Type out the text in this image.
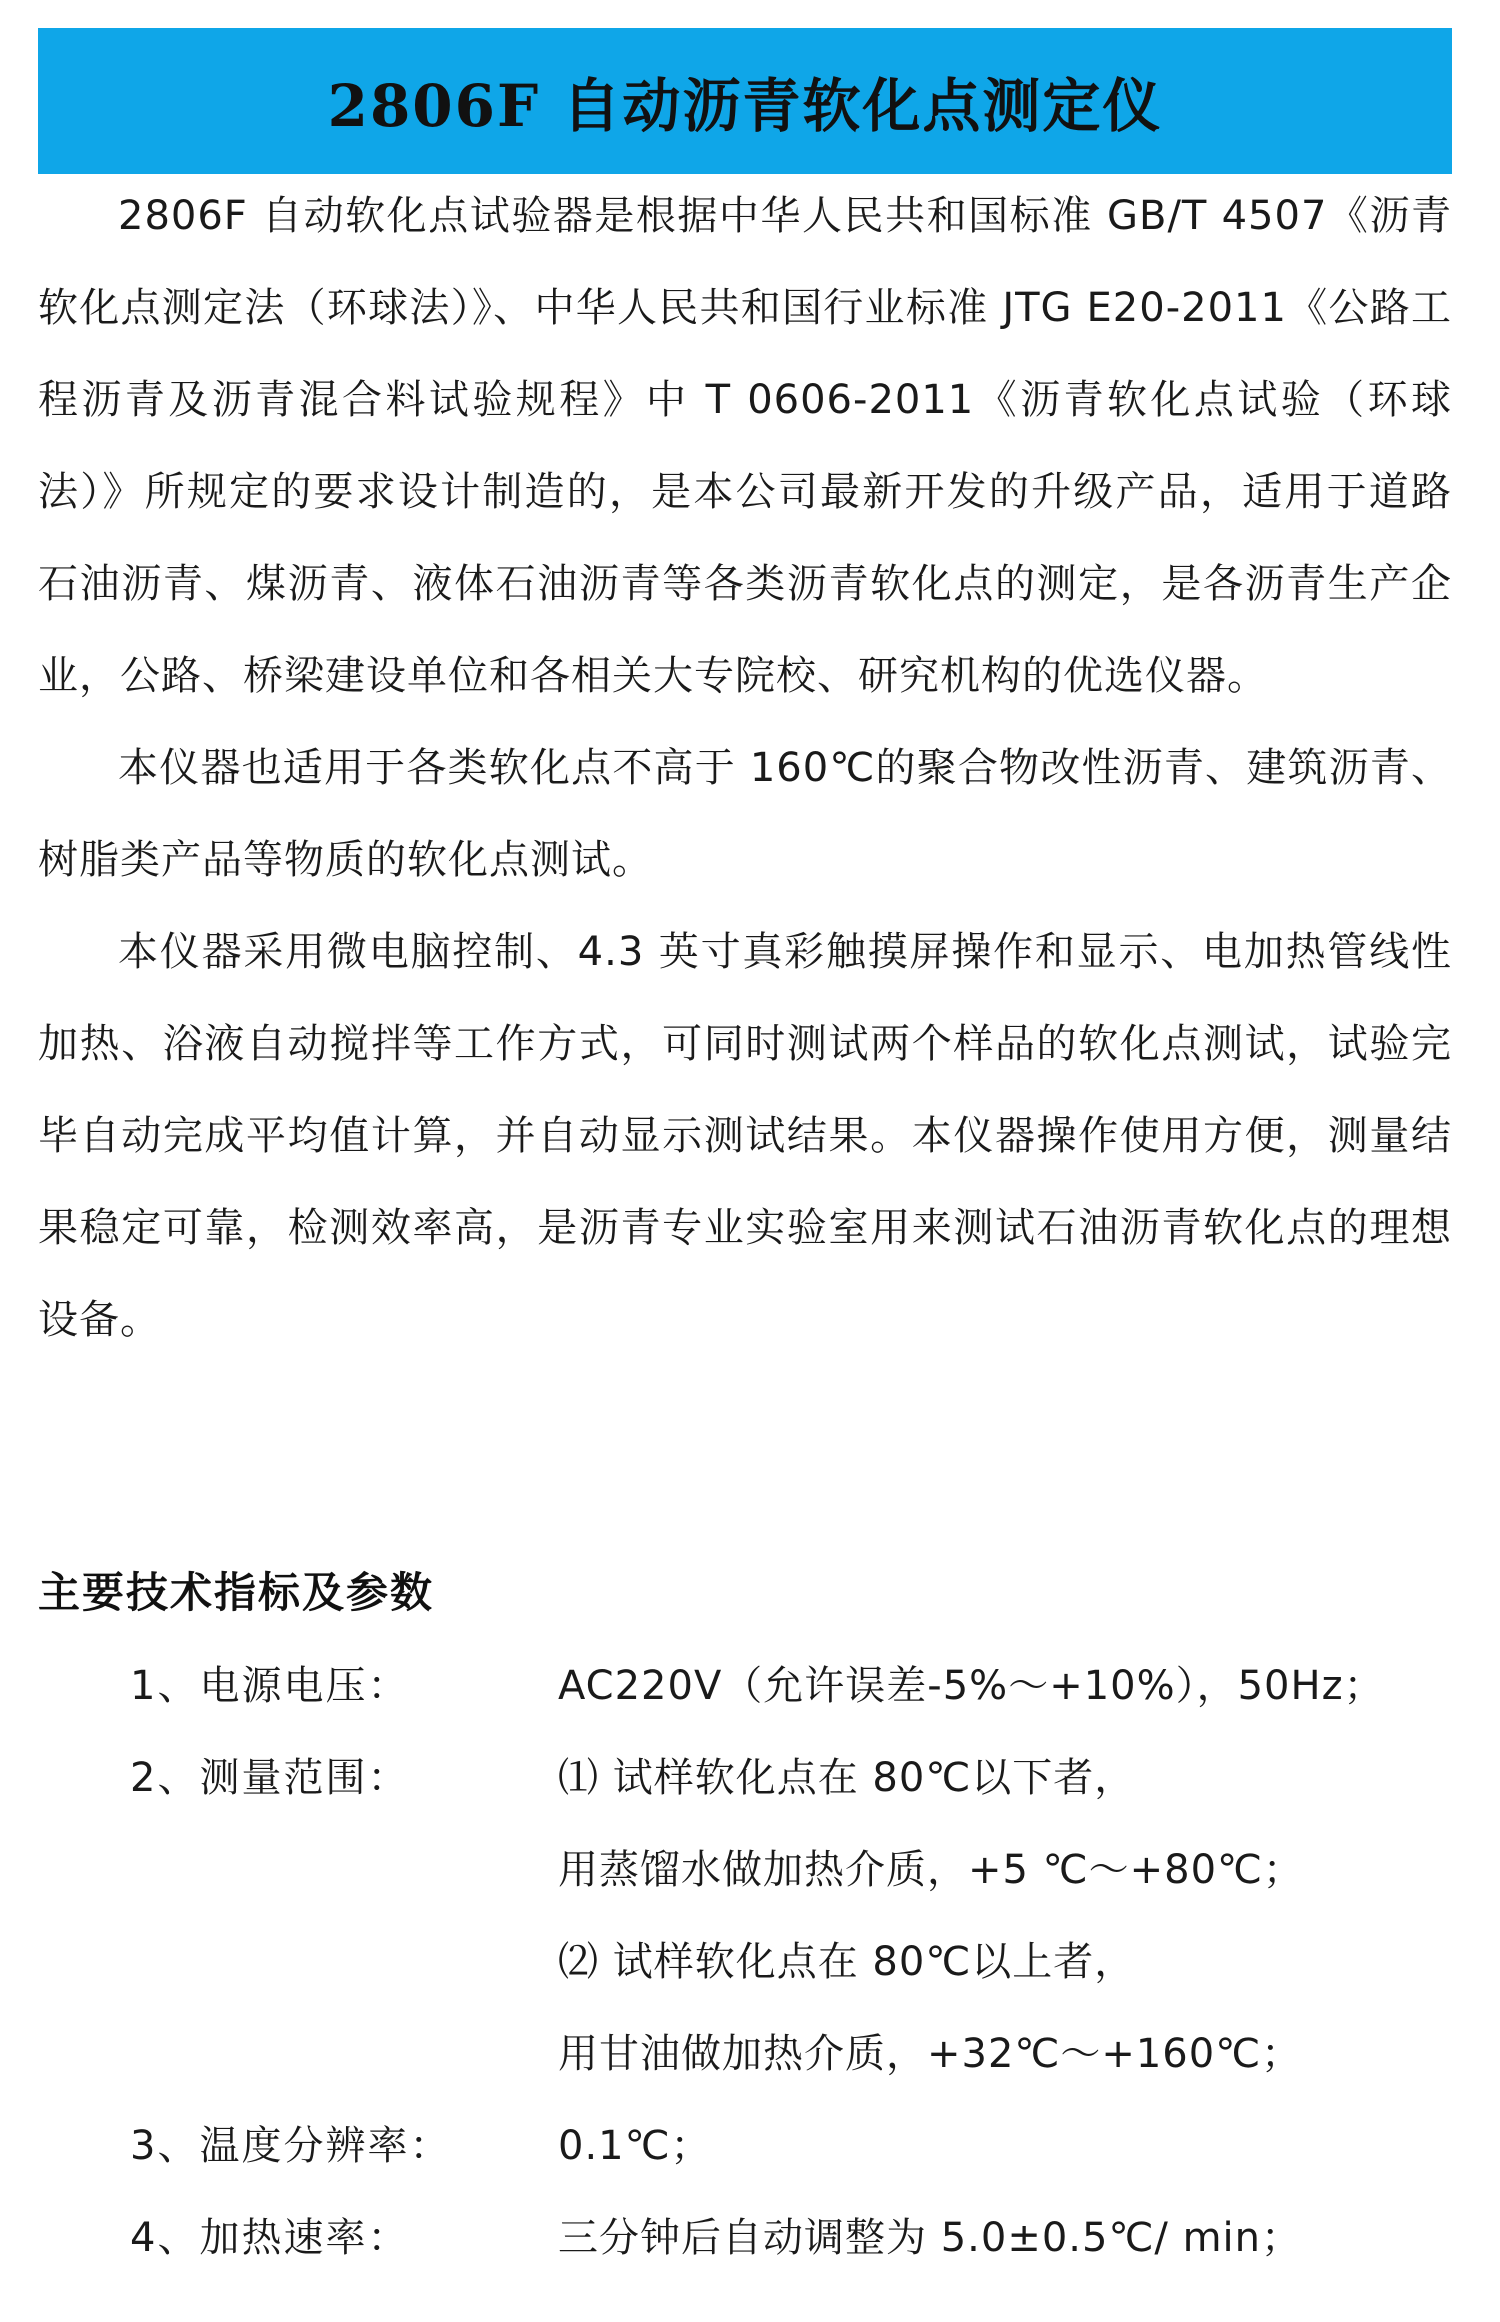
2806F 自动沥青软化点测定仪

2806F 自动软化点试验器是根据中华人民共和国标准 GB/T 4507《沥青软化点测定法（环球法）》、中华人民共和国行业标准 JTG E20-2011《公路工程沥青及沥青混合料试验规程》中 T 0606-2011《沥青软化点试验（环球法）》所规定的要求设计制造的，是本公司最新开发的升级产品，适用于道路石油沥青、煤沥青、液体石油沥青等各类沥青软化点的测定，是各沥青生产企业，公路、桥梁建设单位和各相关大专院校、研究机构的优选仪器。

本仪器也适用于各类软化点不高于 160℃的聚合物改性沥青、建筑沥青、树脂类产品等物质的软化点测试。

本仪器采用微电脑控制、4.3 英寸真彩触摸屏操作和显示、电加热管线性加热、浴液自动搅拌等工作方式，可同时测试两个样品的软化点测试，试验完毕自动完成平均值计算，并自动显示测试结果。本仪器操作使用方便，测量结果稳定可靠，检测效率高，是沥青专业实验室用来测试石油沥青软化点的理想设备。

主要技术指标及参数
1、电源电压：	AC220V（允许误差-5%～+10%），50Hz；
2、测量范围：	⑴ 试样软化点在 80℃以下者，
用蒸馏水做加热介质，+5 ℃～+80℃；
⑵ 试样软化点在 80℃以上者，
用甘油做加热介质，+32℃～+160℃；
3、温度分辨率：	0.1℃；
4、加热速率：	三分钟后自动调整为 5.0±0.5℃/ min；
